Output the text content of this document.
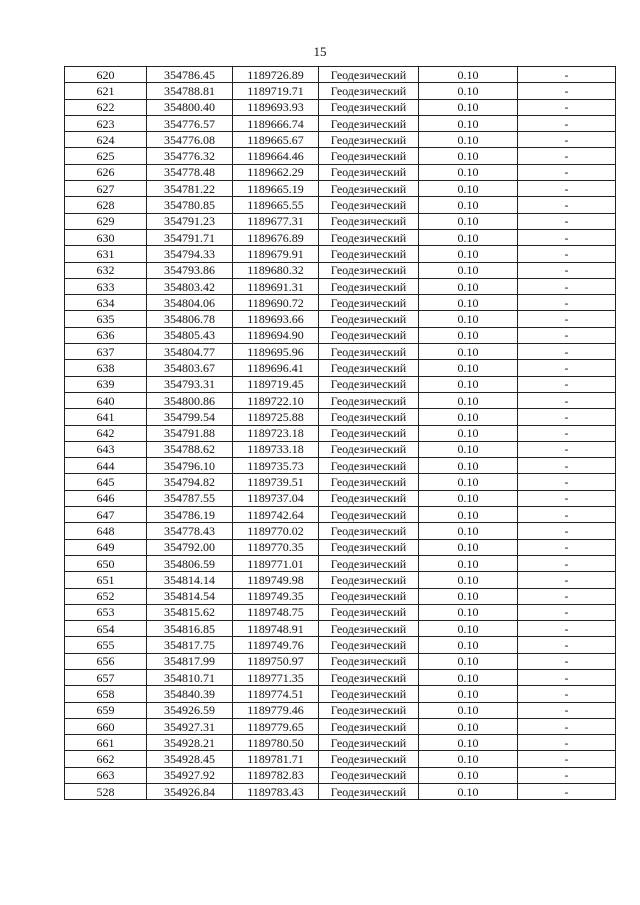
15
620	354786.45	1189726.89	Геодезический	0.10	-
621	354788.81	1189719.71	Геодезический	0.10	-
622	354800.40	1189693.93	Геодезический	0.10	-
623	354776.57	1189666.74	Геодезический	0.10	-
624	354776.08	1189665.67	Геодезический	0.10	-
625	354776.32	1189664.46	Геодезический	0.10	-
626	354778.48	1189662.29	Геодезический	0.10	-
627	354781.22	1189665.19	Геодезический	0.10	-
628	354780.85	1189665.55	Геодезический	0.10	-
629	354791.23	1189677.31	Геодезический	0.10	-
630	354791.71	1189676.89	Геодезический	0.10	-
631	354794.33	1189679.91	Геодезический	0.10	-
632	354793.86	1189680.32	Геодезический	0.10	-
633	354803.42	1189691.31	Геодезический	0.10	-
634	354804.06	1189690.72	Геодезический	0.10	-
635	354806.78	1189693.66	Геодезический	0.10	-
636	354805.43	1189694.90	Геодезический	0.10	-
637	354804.77	1189695.96	Геодезический	0.10	-
638	354803.67	1189696.41	Геодезический	0.10	-
639	354793.31	1189719.45	Геодезический	0.10	-
640	354800.86	1189722.10	Геодезический	0.10	-
641	354799.54	1189725.88	Геодезический	0.10	-
642	354791.88	1189723.18	Геодезический	0.10	-
643	354788.62	1189733.18	Геодезический	0.10	-
644	354796.10	1189735.73	Геодезический	0.10	-
645	354794.82	1189739.51	Геодезический	0.10	-
646	354787.55	1189737.04	Геодезический	0.10	-
647	354786.19	1189742.64	Геодезический	0.10	-
648	354778.43	1189770.02	Геодезический	0.10	-
649	354792.00	1189770.35	Геодезический	0.10	-
650	354806.59	1189771.01	Геодезический	0.10	-
651	354814.14	1189749.98	Геодезический	0.10	-
652	354814.54	1189749.35	Геодезический	0.10	-
653	354815.62	1189748.75	Геодезический	0.10	-
654	354816.85	1189748.91	Геодезический	0.10	-
655	354817.75	1189749.76	Геодезический	0.10	-
656	354817.99	1189750.97	Геодезический	0.10	-
657	354810.71	1189771.35	Геодезический	0.10	-
658	354840.39	1189774.51	Геодезический	0.10	-
659	354926.59	1189779.46	Геодезический	0.10	-
660	354927.31	1189779.65	Геодезический	0.10	-
661	354928.21	1189780.50	Геодезический	0.10	-
662	354928.45	1189781.71	Геодезический	0.10	-
663	354927.92	1189782.83	Геодезический	0.10	-
528	354926.84	1189783.43	Геодезический	0.10	-
